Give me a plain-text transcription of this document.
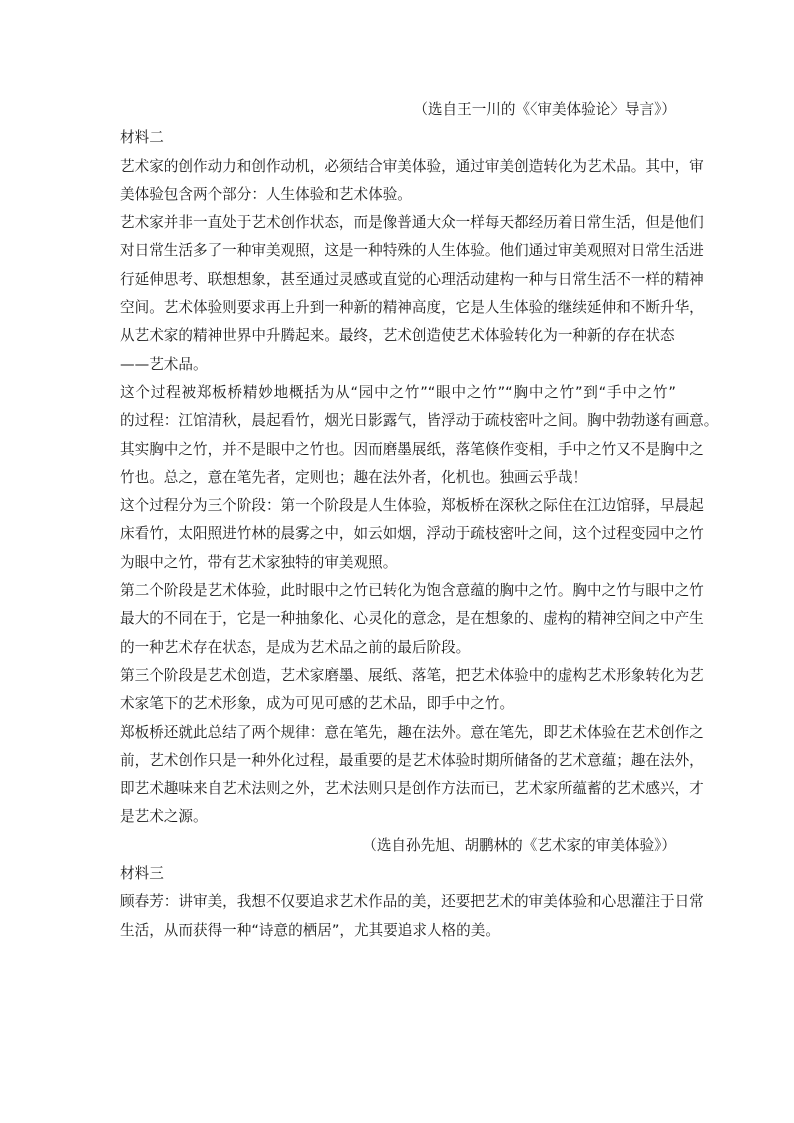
（选自王一川的《〈审美体验论〉导言》）
材料二
艺术家的创作动力和创作动机，必须结合审美体验，通过审美创造转化为艺术品。其中，审
美体验包含两个部分：人生体验和艺术体验。
艺术家并非一直处于艺术创作状态，而是像普通大众一样每天都经历着日常生活，但是他们
对日常生活多了一种审美观照，这是一种特殊的人生体验。他们通过审美观照对日常生活进
行延伸思考、联想想象，甚至通过灵感或直觉的心理活动建构一种与日常生活不一样的精神
空间。艺术体验则要求再上升到一种新的精神高度，它是人生体验的继续延伸和不断升华，
从艺术家的精神世界中升腾起来。最终，艺术创造使艺术体验转化为一种新的存在状态
——艺术品。
这个过程被郑板桥精妙地概括为从“园中之竹”“眼中之竹”“胸中之竹”到“手中之竹”
的过程：江馆清秋，晨起看竹，烟光日影露气，皆浮动于疏枝密叶之间。胸中勃勃遂有画意。
其实胸中之竹，并不是眼中之竹也。因而磨墨展纸，落笔倏作变相，手中之竹又不是胸中之
竹也。总之，意在笔先者，定则也；趣在法外者，化机也。独画云乎哉！
这个过程分为三个阶段：第一个阶段是人生体验，郑板桥在深秋之际住在江边馆驿，早晨起
床看竹，太阳照进竹林的晨雾之中，如云如烟，浮动于疏枝密叶之间，这个过程变园中之竹
为眼中之竹，带有艺术家独特的审美观照。
第二个阶段是艺术体验，此时眼中之竹已转化为饱含意蕴的胸中之竹。胸中之竹与眼中之竹
最大的不同在于，它是一种抽象化、心灵化的意念，是在想象的、虚构的精神空间之中产生
的一种艺术存在状态，是成为艺术品之前的最后阶段。
第三个阶段是艺术创造，艺术家磨墨、展纸、落笔，把艺术体验中的虚构艺术形象转化为艺
术家笔下的艺术形象，成为可见可感的艺术品，即手中之竹。
郑板桥还就此总结了两个规律：意在笔先，趣在法外。意在笔先，即艺术体验在艺术创作之
前，艺术创作只是一种外化过程，最重要的是艺术体验时期所储备的艺术意蕴；趣在法外，
即艺术趣味来自艺术法则之外，艺术法则只是创作方法而已，艺术家所蕴蓄的艺术感兴，才
是艺术之源。
（选自孙先旭、胡鹏林的《艺术家的审美体验》）
材料三
顾春芳：讲审美，我想不仅要追求艺术作品的美，还要把艺术的审美体验和心思灌注于日常
生活，从而获得一种“诗意的栖居”，尤其要追求人格的美。
